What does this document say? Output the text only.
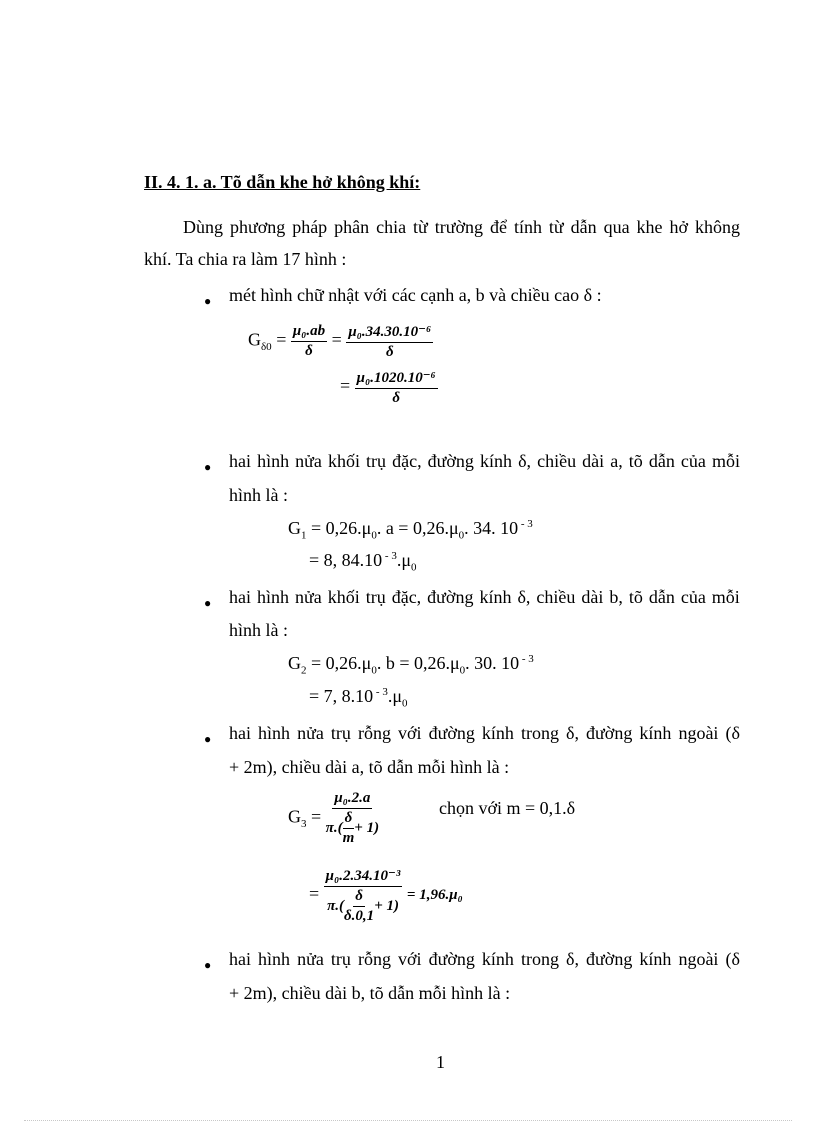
II. 4. 1. a. Tõ dẫn khe hở không khí:
Dùng phương pháp phân chia từ trường để tính từ dẫn qua khe hở không
khí. Ta chia ra làm 17 hình :
● mét hình chữ nhật với các cạnh a, b và chiều cao δ :
$G_{\delta 0} = \frac{\text{μ₀.ab}}{\delta} = \frac{\text{μ₀.34.30.10⁻⁶}}{\delta}$
= $\frac{\text{μ₀.1020.10⁻⁶}}{\delta}$
● hai hình nửa khối trụ đặc, đường kính δ, chiều dài a, tõ dẫn của mỗi
hình là :
$G_1 = 0,26.\mu_0$. $a = 0,26.\mu_0$. 34. 10 $^{- 3}$
= 8, 84.10 $^{- 3}.\mu_0$
● hai hình nửa khối trụ đặc, đường kính δ, chiều dài b, tõ dẫn của mỗi
hình là :
$G_2 = 0,26.\mu_0$. $b = 0,26.\mu_0$. 30. 10 $^{- 3}$
= 7, 8.10 $^{- 3}.\mu_0$
● hai hình nửa trụ rỗng với đường kính trong δ, đường kính ngoài (δ
+ 2m), chiều dài a, tõ dẫn mỗi hình là :
$G_3 = \frac{\text{μ₀.2.a}}{\pi.( \frac{\delta}{m} + 1)}$	chọn với m = 0,1.δ
= $\frac{\text{μ₀.2.34.10⁻³}}{\pi.( \frac{\delta}{\delta.0,1} + 1)}$
= 1,96.μ₀
● hai hình nửa trụ rỗng với đường kính trong δ, đường kính ngoài (δ
+ 2m), chiều dài b, tõ dẫn mỗi hình là :
1
